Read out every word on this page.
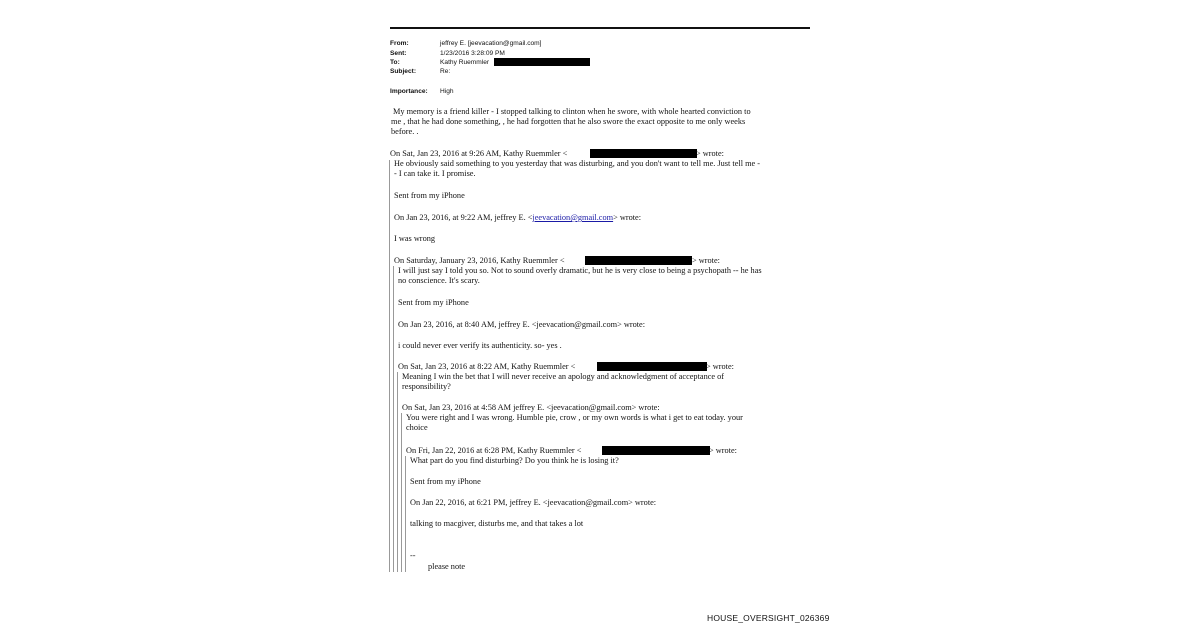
From:	jeffrey E. [jeevacation@gmail.com]
Sent:	1/23/2016 3:28:09 PM
To:	Kathy Ruemmler
Subject:	Re:
Importance: High
My memory is a friend killer - I stopped talking to clinton when he swore, with whole hearted conviction to
me , that he had done something, , he had forgotten that he also swore the exact opposite to me only weeks
before. .
On Sat, Jan 23, 2016 at 9:26 AM, Kathy Ruemmler <	> wrote:
He obviously said something to you yesterday that was disturbing, and you don't want to tell me. Just tell me -
- I can take it. I promise.
Sent from my iPhone
On Jan 23, 2016, at 9:22 AM, jeffrey E. <jeevacation@gmail.com> wrote:
I was wrong
On Saturday, January 23, 2016, Kathy Ruemmler <	> wrote:
I will just say I told you so. Not to sound overly dramatic, but he is very close to being a psychopath -- he has
no conscience. It's scary.
Sent from my iPhone
On Jan 23, 2016, at 8:40 AM, jeffrey E. <jeevacation@gmail.com> wrote:
i could never ever verify its authenticity. so- yes .
On Sat, Jan 23, 2016 at 8:22 AM, Kathy Ruemmler <	> wrote:
Meaning I win the bet that I will never receive an apology and acknowledgment of acceptance of
responsibility?
On Sat, Jan 23, 2016 at 4:58 AM jeffrey E. <jeevacation@gmail.com> wrote:
You were right and I was wrong. Humble pie, crow , or my own words is what i get to eat today. your
choice
On Fri, Jan 22, 2016 at 6:28 PM, Kathy Ruemmler <	> wrote:
What part do you find disturbing? Do you think he is losing it?
Sent from my iPhone
On Jan 22, 2016, at 6:21 PM, jeffrey E. <jeevacation@gmail.com> wrote:
talking to macgiver, disturbs me, and that takes a lot
--
please note
HOUSE_OVERSIGHT_026369
